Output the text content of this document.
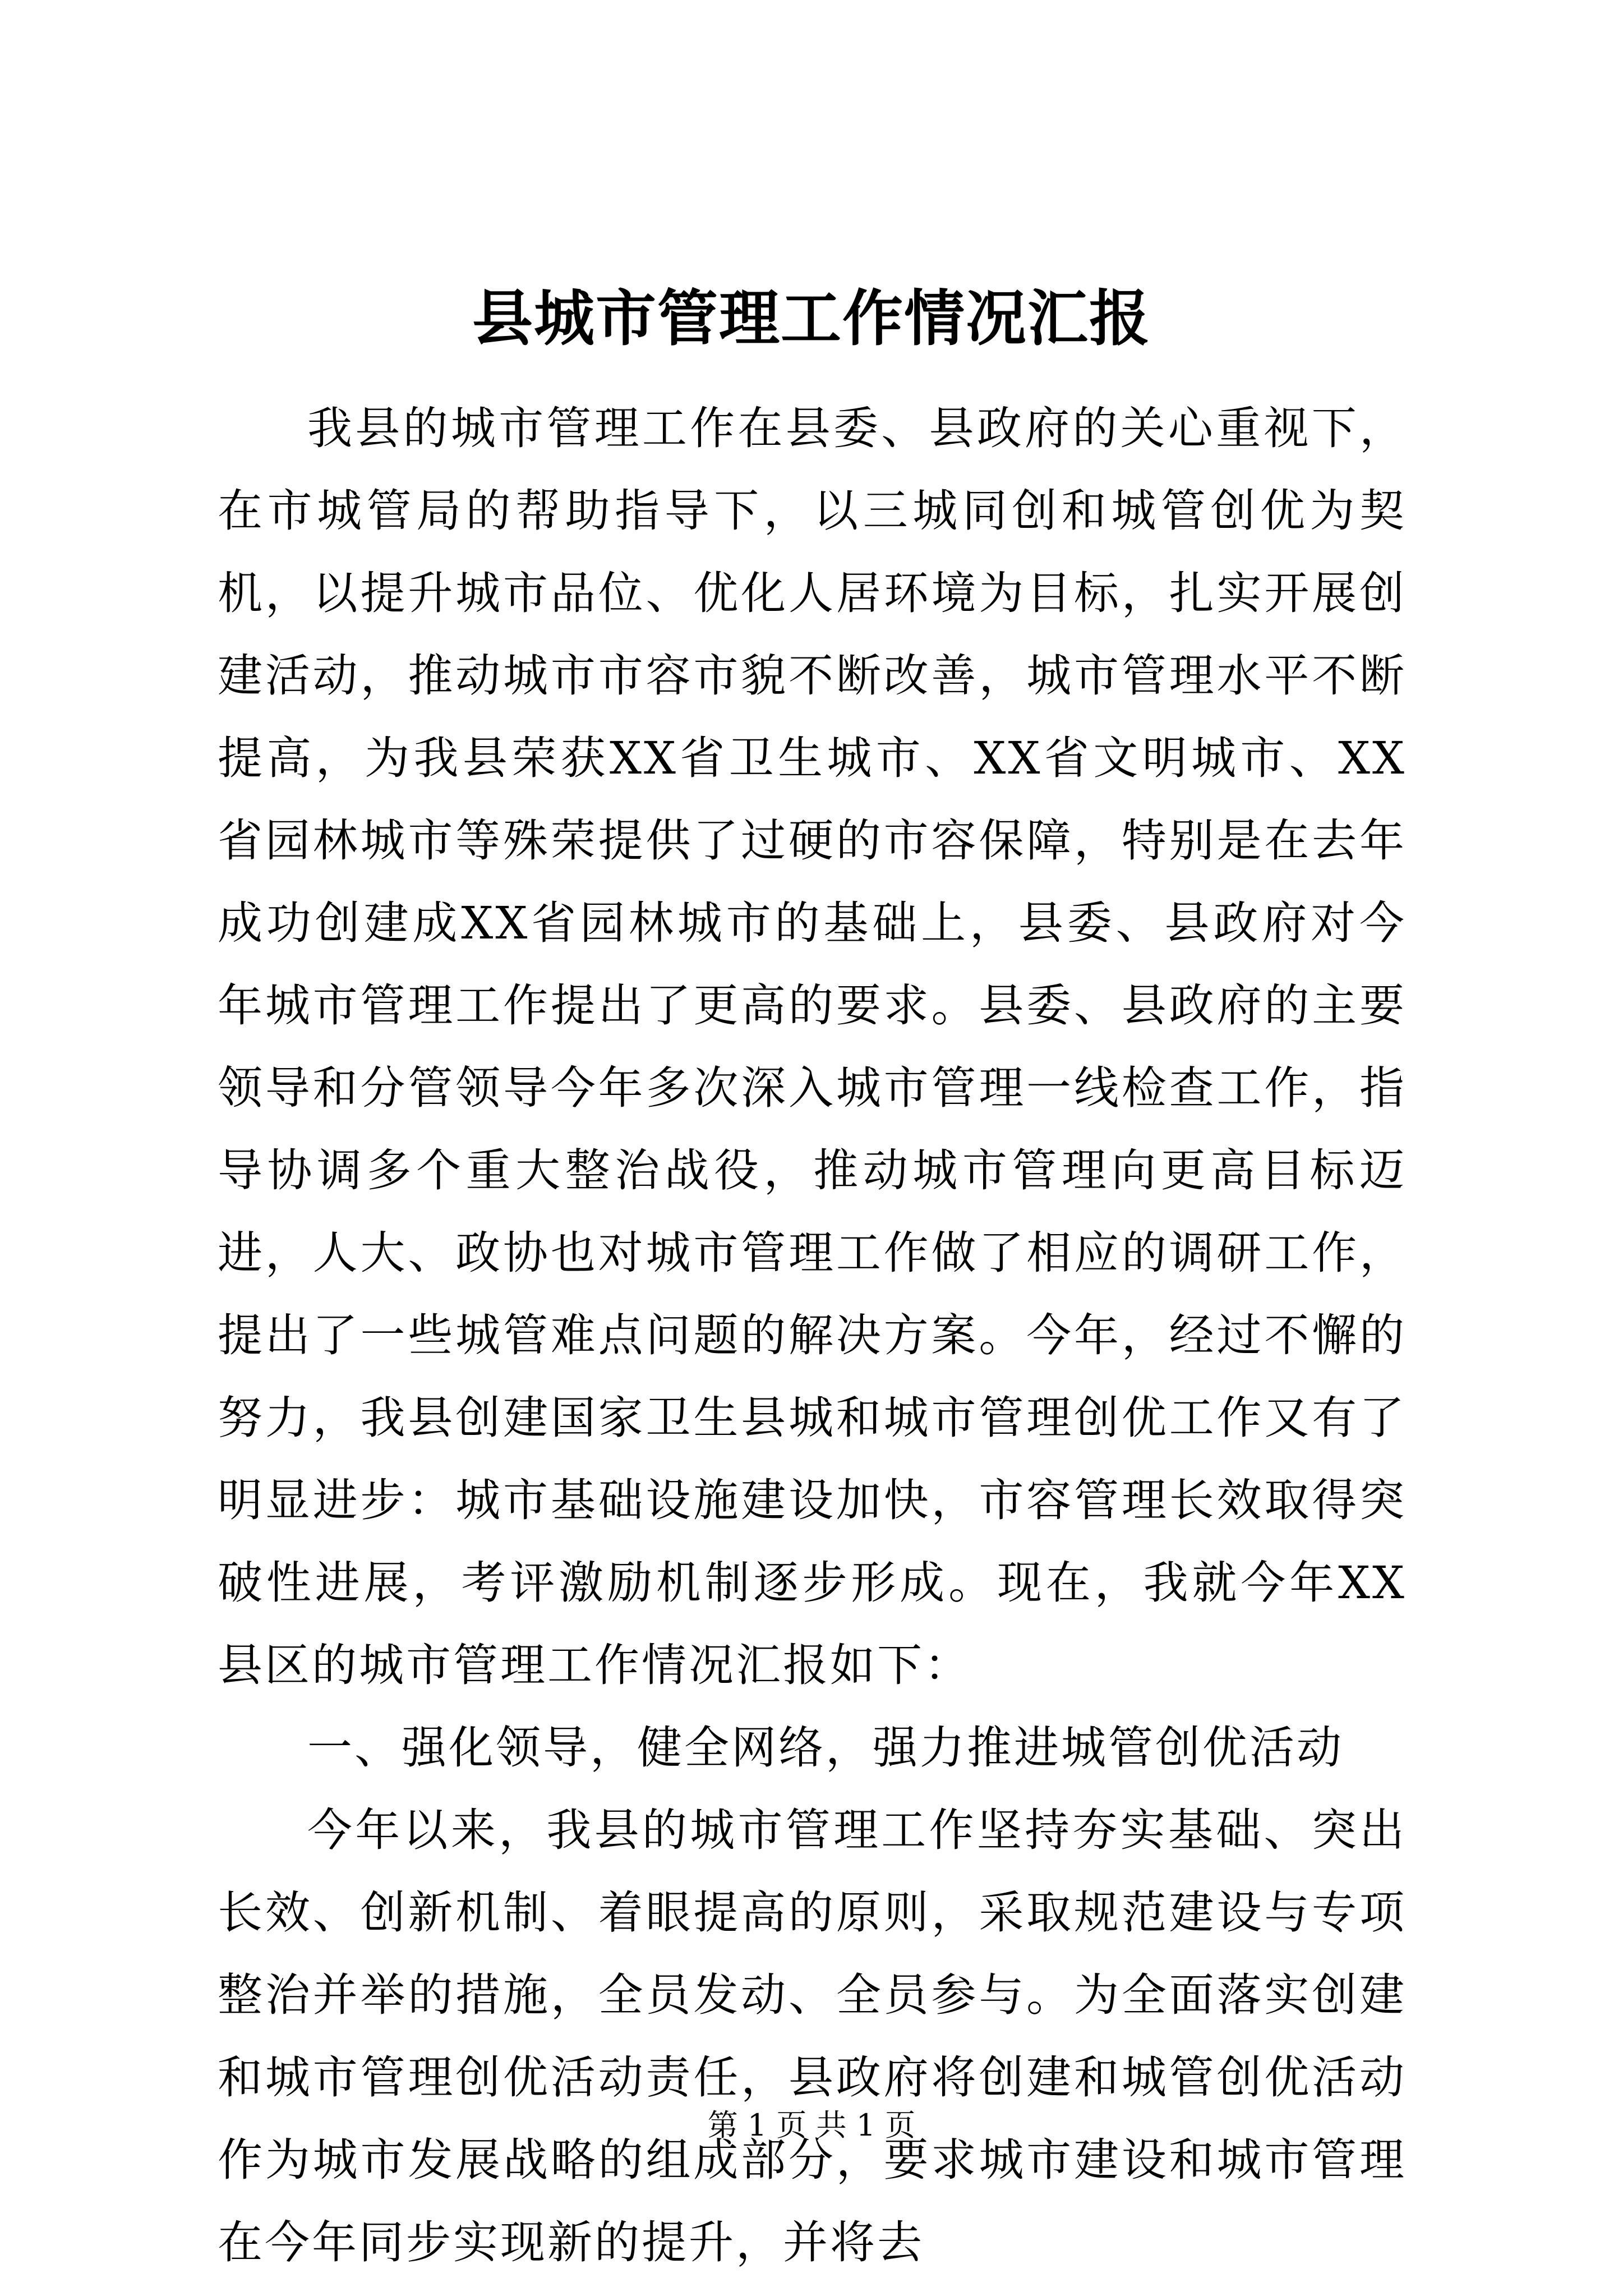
县城市管理工作情况汇报

我县的城市管理工作在县委、县政府的关心重视下，在市城管局的帮助指导下，以三城同创和城管创优为契机，以提升城市品位、优化人居环境为目标，扎实开展创建活动，推动城市市容市貌不断改善，城市管理水平不断提高，为我县荣获XX省卫生城市、XX省文明城市、XX省园林城市等殊荣提供了过硬的市容保障，特别是在去年成功创建成XX省园林城市的基础上，县委、县政府对今年城市管理工作提出了更高的要求。县委、县政府的主要领导和分管领导今年多次深入城市管理一线检查工作，指导协调多个重大整治战役，推动城市管理向更高目标迈进，人大、政协也对城市管理工作做了相应的调研工作，提出了一些城管难点问题的解决方案。今年，经过不懈的努力，我县创建国家卫生县城和城市管理创优工作又有了明显进步：城市基础设施建设加快，市容管理长效取得突破性进展，考评激励机制逐步形成。现在，我就今年XX县区的城市管理工作情况汇报如下：

一、强化领导，健全网络，强力推进城管创优活动

今年以来，我县的城市管理工作坚持夯实基础、突出长效、创新机制、着眼提高的原则，采取规范建设与专项整治并举的措施，全员发动、全员参与。为全面落实创建和城市管理创优活动责任，县政府将创建和城管创优活动作为城市发展战略的组成部分，要求城市建设和城市管理在今年同步实现新的提升，并将去

第 1 页 共 1 页
